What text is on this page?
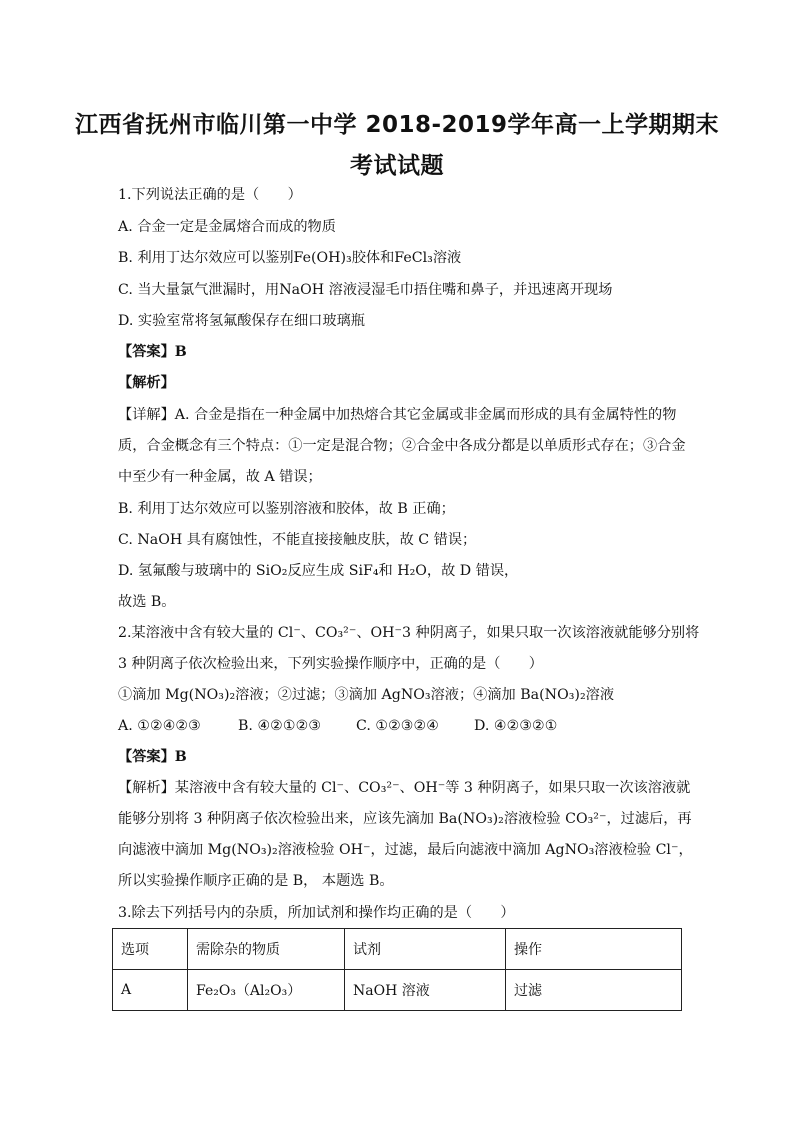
江西省抚州市临川第一中学 2018-2019学年高一上学期期末
考试试题
1.下列说法正确的是（　　）
A. 合金一定是金属熔合而成的物质
B. 利用丁达尔效应可以鉴别Fe(OH)₃胶体和FeCl₃溶液
C. 当大量氯气泄漏时，用NaOH 溶液浸湿毛巾捂住嘴和鼻子，并迅速离开现场
D. 实验室常将氢氟酸保存在细口玻璃瓶
【答案】B
【解析】
【详解】A. 合金是指在一种金属中加热熔合其它金属或非金属而形成的具有金属特性的物
质，合金概念有三个特点：①一定是混合物；②合金中各成分都是以单质形式存在；③合金
中至少有一种金属，故 A 错误；
B. 利用丁达尔效应可以鉴别溶液和胶体，故 B 正确；
C. NaOH 具有腐蚀性，不能直接接触皮肤，故 C 错误；
D. 氢氟酸与玻璃中的 SiO₂反应生成 SiF₄和 H₂O，故 D 错误，
故选 B。
2.某溶液中含有较大量的 Cl⁻、CO₃²⁻、OH⁻3 种阴离子，如果只取一次该溶液就能够分别将
3 种阴离子依次检验出来，下列实验操作顺序中，正确的是（　　）
①滴加 Mg(NO₃)₂溶液；②过滤；③滴加 AgNO₃溶液；④滴加 Ba(NO₃)₂溶液
A. ①②④②③	B. ④②①②③ C. ①②③②④ D. ④②③②①
【答案】B
【解析】某溶液中含有较大量的 Cl⁻、CO₃²⁻、OH⁻等 3 种阴离子，如果只取一次该溶液就
能够分别将 3 种阴离子依次检验出来，应该先滴加 Ba(NO₃)₂溶液检验 CO₃²⁻，过滤后，再
向滤液中滴加 Mg(NO₃)₂溶液检验 OH⁻，过滤，最后向滤液中滴加 AgNO₃溶液检验 Cl⁻，
所以实验操作顺序正确的是 B， 本题选 B。
3.除去下列括号内的杂质，所加试剂和操作均正确的是（　　）
选项	需除杂的物质	试剂	操作
A	Fe₂O₃（Al₂O₃）	NaOH 溶液	过滤
